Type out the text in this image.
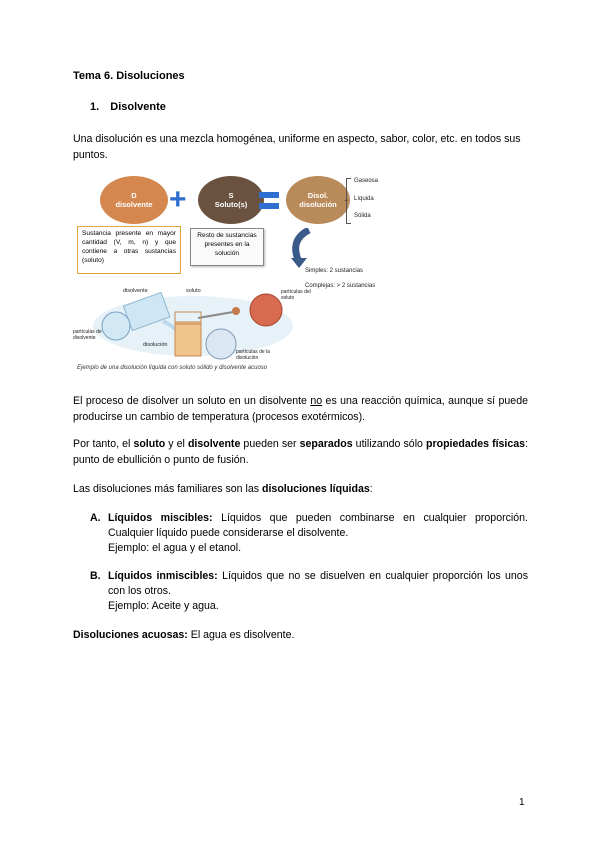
Tema 6. Disoluciones
1. Disolvente

Una disolución es una mezcla homogénea, uniforme en aspecto, sabor, color, etc. en todos sus puntos.

D
disolvente +	S
Soluto(s)
Disol.
disolución
Gaseosa
Líquida
Sólida
→
Sustancia presente en mayor cantidad (V, m, n) y que contiene a otras sustancias (soluto)
Resto de sustancias presentes en la solución
Simples: 2 sustancias
Complejas: > 2 sustancias
disolvente	soluto	partículas del soluto
partículas de disolvente
disolución
partículas de la disolución
Ejemplo de una disolución líquida con soluto sólido y disolvente acuoso

El proceso de disolver un soluto en un disolvente no es una reacción química, aunque sí puede producirse un cambio de temperatura (procesos exotérmicos).

Por tanto, el soluto y el disolvente pueden ser separados utilizando sólo propiedades físicas: punto de ebullición o punto de fusión.

Las disoluciones más familiares son las disoluciones líquidas:

A. Líquidos miscibles: Líquidos que pueden combinarse en cualquier proporción. Cualquier líquido puede considerarse el disolvente.

Ejemplo: el agua y el etanol.

B. Líquidos inmiscibles: Líquidos que no se disuelven en cualquier proporción los unos con los otros.

Ejemplo: Aceite y agua.

Disoluciones acuosas: El agua es disolvente.

1
